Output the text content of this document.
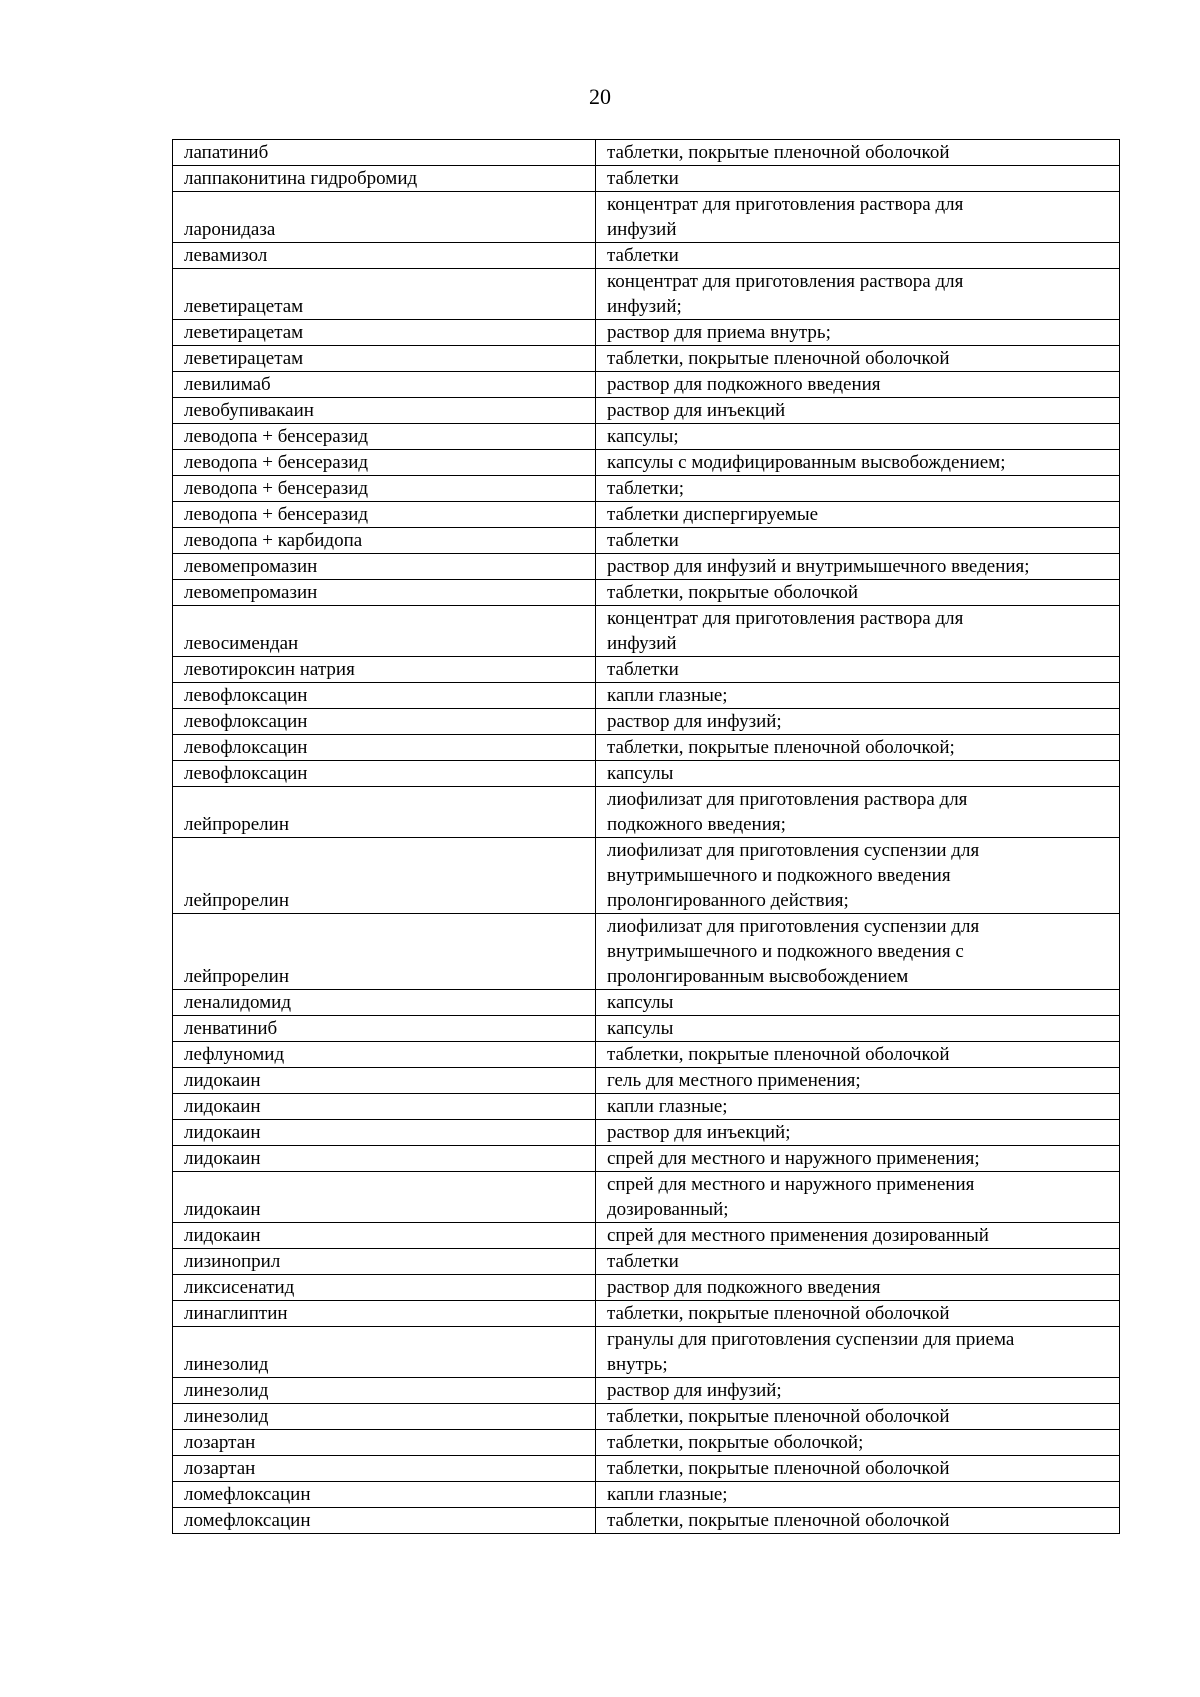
20
лапатиниб	таблетки, покрытые пленочной оболочкой
лаппаконитина гидробромид	таблетки
ларонидаза	концентрат для приготовления раствора для
инфузий
левамизол	таблетки
леветирацетам	концентрат для приготовления раствора для
инфузий;
леветирацетам	раствор для приема внутрь;
леветирацетам	таблетки, покрытые пленочной оболочкой
левилимаб	раствор для подкожного введения
левобупивакаин	раствор для инъекций
леводопа + бенсеразид	капсулы;
леводопа + бенсеразид	капсулы с модифицированным высвобождением;
леводопа + бенсеразид	таблетки;
леводопа + бенсеразид	таблетки диспергируемые
леводопа + карбидопа	таблетки
левомепромазин	раствор для инфузий и внутримышечного введения;
левомепромазин	таблетки, покрытые оболочкой
левосимендан	концентрат для приготовления раствора для
инфузий
левотироксин натрия	таблетки
левофлоксацин	капли глазные;
левофлоксацин	раствор для инфузий;
левофлоксацин	таблетки, покрытые пленочной оболочкой;
левофлоксацин	капсулы
лейпрорелин	лиофилизат для приготовления раствора для
подкожного введения;
лейпрорелин	лиофилизат для приготовления суспензии для
внутримышечного и подкожного введения
пролонгированного действия;
лейпрорелин	лиофилизат для приготовления суспензии для
внутримышечного и подкожного введения с
пролонгированным высвобождением
леналидомид	капсулы
ленватиниб	капсулы
лефлуномид	таблетки, покрытые пленочной оболочкой
лидокаин	гель для местного применения;
лидокаин	капли глазные;
лидокаин	раствор для инъекций;
лидокаин	спрей для местного и наружного применения;
лидокаин	спрей для местного и наружного применения
дозированный;
лидокаин	спрей для местного применения дозированный
лизиноприл	таблетки
ликсисенатид	раствор для подкожного введения
линаглиптин	таблетки, покрытые пленочной оболочкой
линезолид	гранулы для приготовления суспензии для приема
внутрь;
линезолид	раствор для инфузий;
линезолид	таблетки, покрытые пленочной оболочкой
лозартан	таблетки, покрытые оболочкой;
лозартан	таблетки, покрытые пленочной оболочкой
ломефлоксацин	капли глазные;
ломефлоксацин	таблетки, покрытые пленочной оболочкой
